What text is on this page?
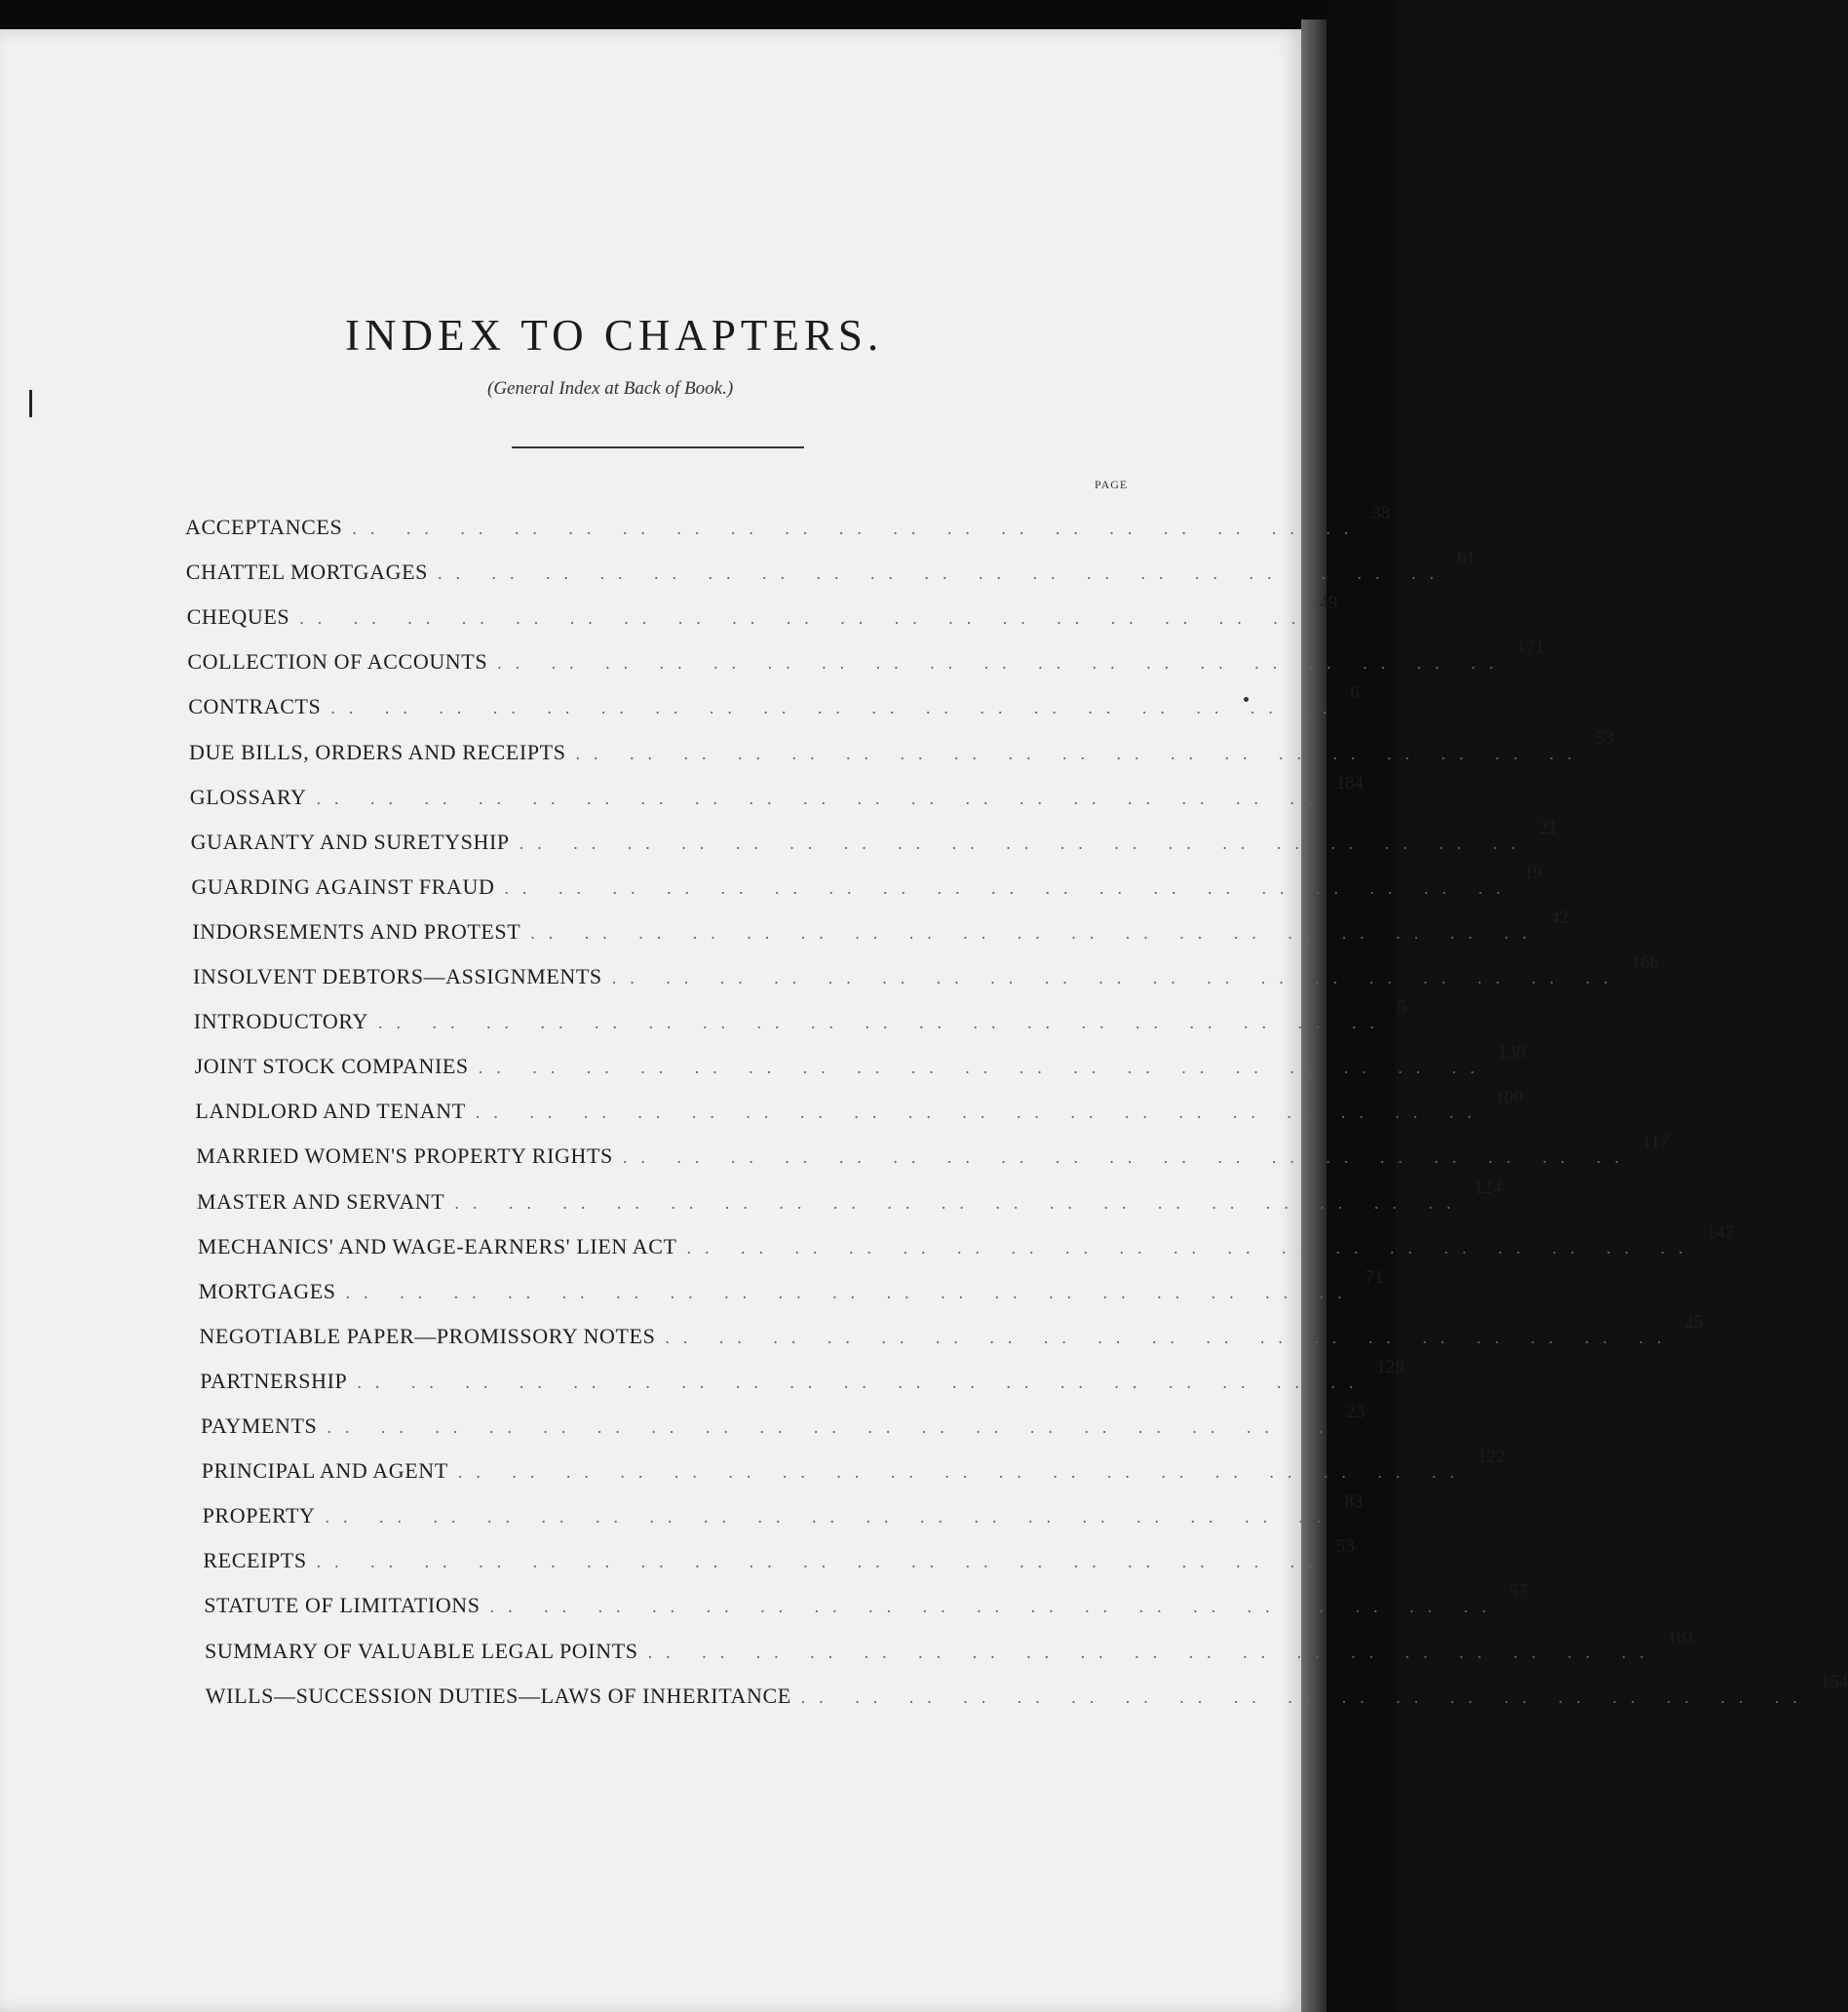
INDEX TO CHAPTERS.
(General Index at Back of Book.)
PAGE
ACCEPTANCES .. .. .. .. .. .. .. .. .. .. .. .. .. .. .. .. .. .. ..
38
CHATTEL MORTGAGES .. .. .. .. .. .. .. .. .. .. .. .. .. .. .. .. .. .. ..
61
CHEQUES .. .. .. .. .. .. .. .. .. .. .. .. .. .. .. .. .. .. ..
49
COLLECTION OF ACCOUNTS .. .. .. .. .. .. .. .. .. .. .. .. .. .. .. .. .. .. ..
171
CONTRACTS .. .. .. .. .. .. .. .. .. .. .. .. .. .. .. .. .. .. ..
6
DUE BILLS, ORDERS AND RECEIPTS .. .. .. .. .. .. .. .. .. .. .. .. .. .. .. .. .. .. ..
53
GLOSSARY .. .. .. .. .. .. .. .. .. .. .. .. .. .. .. .. .. .. ..
184
GUARANTY AND SURETYSHIP .. .. .. .. .. .. .. .. .. .. .. .. .. .. .. .. .. .. ..
21
GUARDING AGAINST FRAUD .. .. .. .. .. .. .. .. .. .. .. .. .. .. .. .. .. .. ..
19
INDORSEMENTS AND PROTEST .. .. .. .. .. .. .. .. .. .. .. .. .. .. .. .. .. .. ..
42
INSOLVENT DEBTORS—ASSIGNMENTS .. .. .. .. .. .. .. .. .. .. .. .. .. .. .. .. .. .. ..
166
INTRODUCTORY .. .. .. .. .. .. .. .. .. .. .. .. .. .. .. .. .. .. ..
5
JOINT STOCK COMPANIES .. .. .. .. .. .. .. .. .. .. .. .. .. .. .. .. .. .. ..
138
LANDLORD AND TENANT .. .. .. .. .. .. .. .. .. .. .. .. .. .. .. .. .. .. ..
100
MARRIED WOMEN'S PROPERTY RIGHTS .. .. .. .. .. .. .. .. .. .. .. .. .. .. .. .. .. .. ..
117
MASTER AND SERVANT .. .. .. .. .. .. .. .. .. .. .. .. .. .. .. .. .. .. ..
124
MECHANICS' AND WAGE-EARNERS' LIEN ACT .. .. .. .. .. .. .. .. .. .. .. .. .. .. .. .. .. .. ..
147
MORTGAGES .. .. .. .. .. .. .. .. .. .. .. .. .. .. .. .. .. .. ..
71
NEGOTIABLE PAPER—PROMISSORY NOTES .. .. .. .. .. .. .. .. .. .. .. .. .. .. .. .. .. .. ..
25
PARTNERSHIP .. .. .. .. .. .. .. .. .. .. .. .. .. .. .. .. .. .. ..
129
PAYMENTS .. .. .. .. .. .. .. .. .. .. .. .. .. .. .. .. .. .. ..
23
PRINCIPAL AND AGENT .. .. .. .. .. .. .. .. .. .. .. .. .. .. .. .. .. .. ..
122
PROPERTY .. .. .. .. .. .. .. .. .. .. .. .. .. .. .. .. .. .. ..
83
RECEIPTS .. .. .. .. .. .. .. .. .. .. .. .. .. .. .. .. .. .. ..
53
STATUTE OF LIMITATIONS .. .. .. .. .. .. .. .. .. .. .. .. .. .. .. .. .. .. ..
57
SUMMARY OF VALUABLE LEGAL POINTS .. .. .. .. .. .. .. .. .. .. .. .. .. .. .. .. .. .. ..
181
WILLS—SUCCESSION DUTIES—LAWS OF INHERITANCE .. .. .. .. .. .. .. .. .. .. .. .. .. .. .. .. .. .. ..
154
